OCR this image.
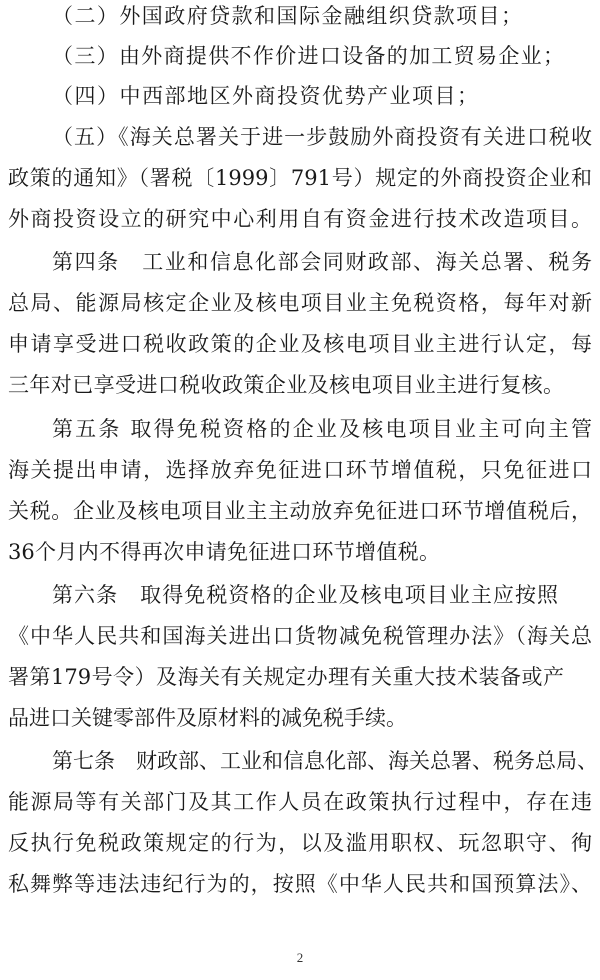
（二）外国政府贷款和国际金融组织贷款项目；
（三）由外商提供不作价进口设备的加工贸易企业；
（四）中西部地区外商投资优势产业项目；
（五）《海关总署关于进一步鼓励外商投资有关进口税收
政策的通知》（署税〔1999〕791号）规定的外商投资企业和
外商投资设立的研究中心利用自有资金进行技术改造项目。
第四条　工业和信息化部会同财政部、海关总署、税务
总局、能源局核定企业及核电项目业主免税资格，每年对新
申请享受进口税收政策的企业及核电项目业主进行认定，每
三年对已享受进口税收政策企业及核电项目业主进行复核。
第五条 取得免税资格的企业及核电项目业主可向主管
海关提出申请，选择放弃免征进口环节增值税，只免征进口
关税。企业及核电项目业主主动放弃免征进口环节增值税后，
36个月内不得再次申请免征进口环节增值税。
第六条　取得免税资格的企业及核电项目业主应按照
《中华人民共和国海关进出口货物减免税管理办法》（海关总
署第179号令）及海关有关规定办理有关重大技术装备或产
品进口关键零部件及原材料的减免税手续。
第七条　财政部、工业和信息化部、海关总署、税务总局、
能源局等有关部门及其工作人员在政策执行过程中，存在违
反执行免税政策规定的行为，以及滥用职权、玩忽职守、徇
私舞弊等违法违纪行为的，按照《中华人民共和国预算法》、
2
